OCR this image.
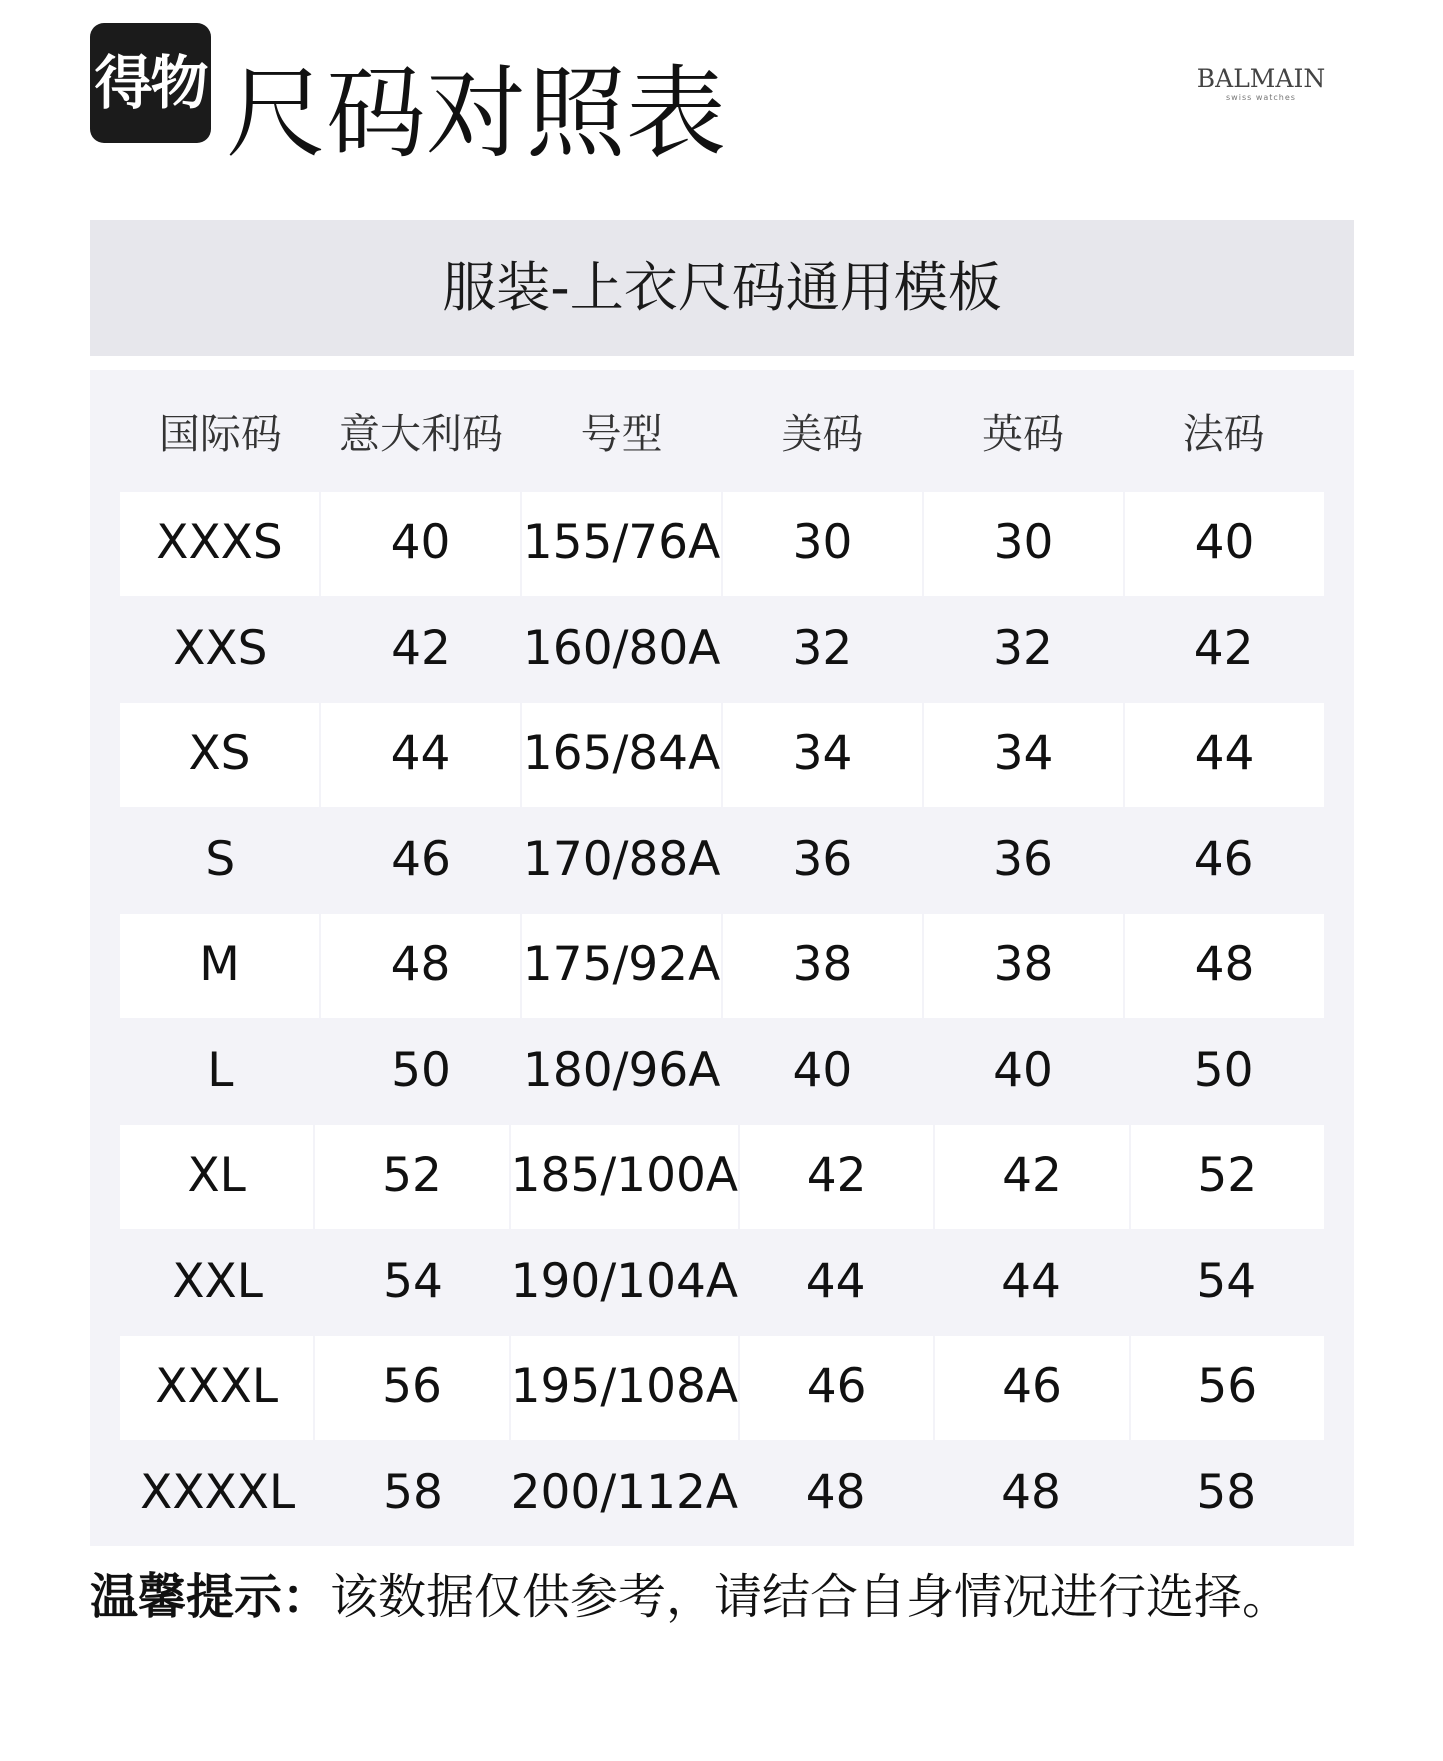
得物 尺码对照表	BALMAIN
swiss watches
服装-上衣尺码通用模板
国际码	意大利码	号型	美码	英码	法码
XXXS	40	155/76A	30	30	40
XXS	42	160/80A	32	32	42
XS	44	165/84A	34	34	44
S	46	170/88A	36	36	46
M	48	175/92A	38	38	48
L	50	180/96A	40	40	50
XL	52	185/100A	42	42	52
XXL	54	190/104A	44	44	54
XXXL	56	195/108A	46	46	56
XXXXL	58	200/112A	48	48	58
温馨提示：该数据仅供参考，请结合自身情况进行选择。
